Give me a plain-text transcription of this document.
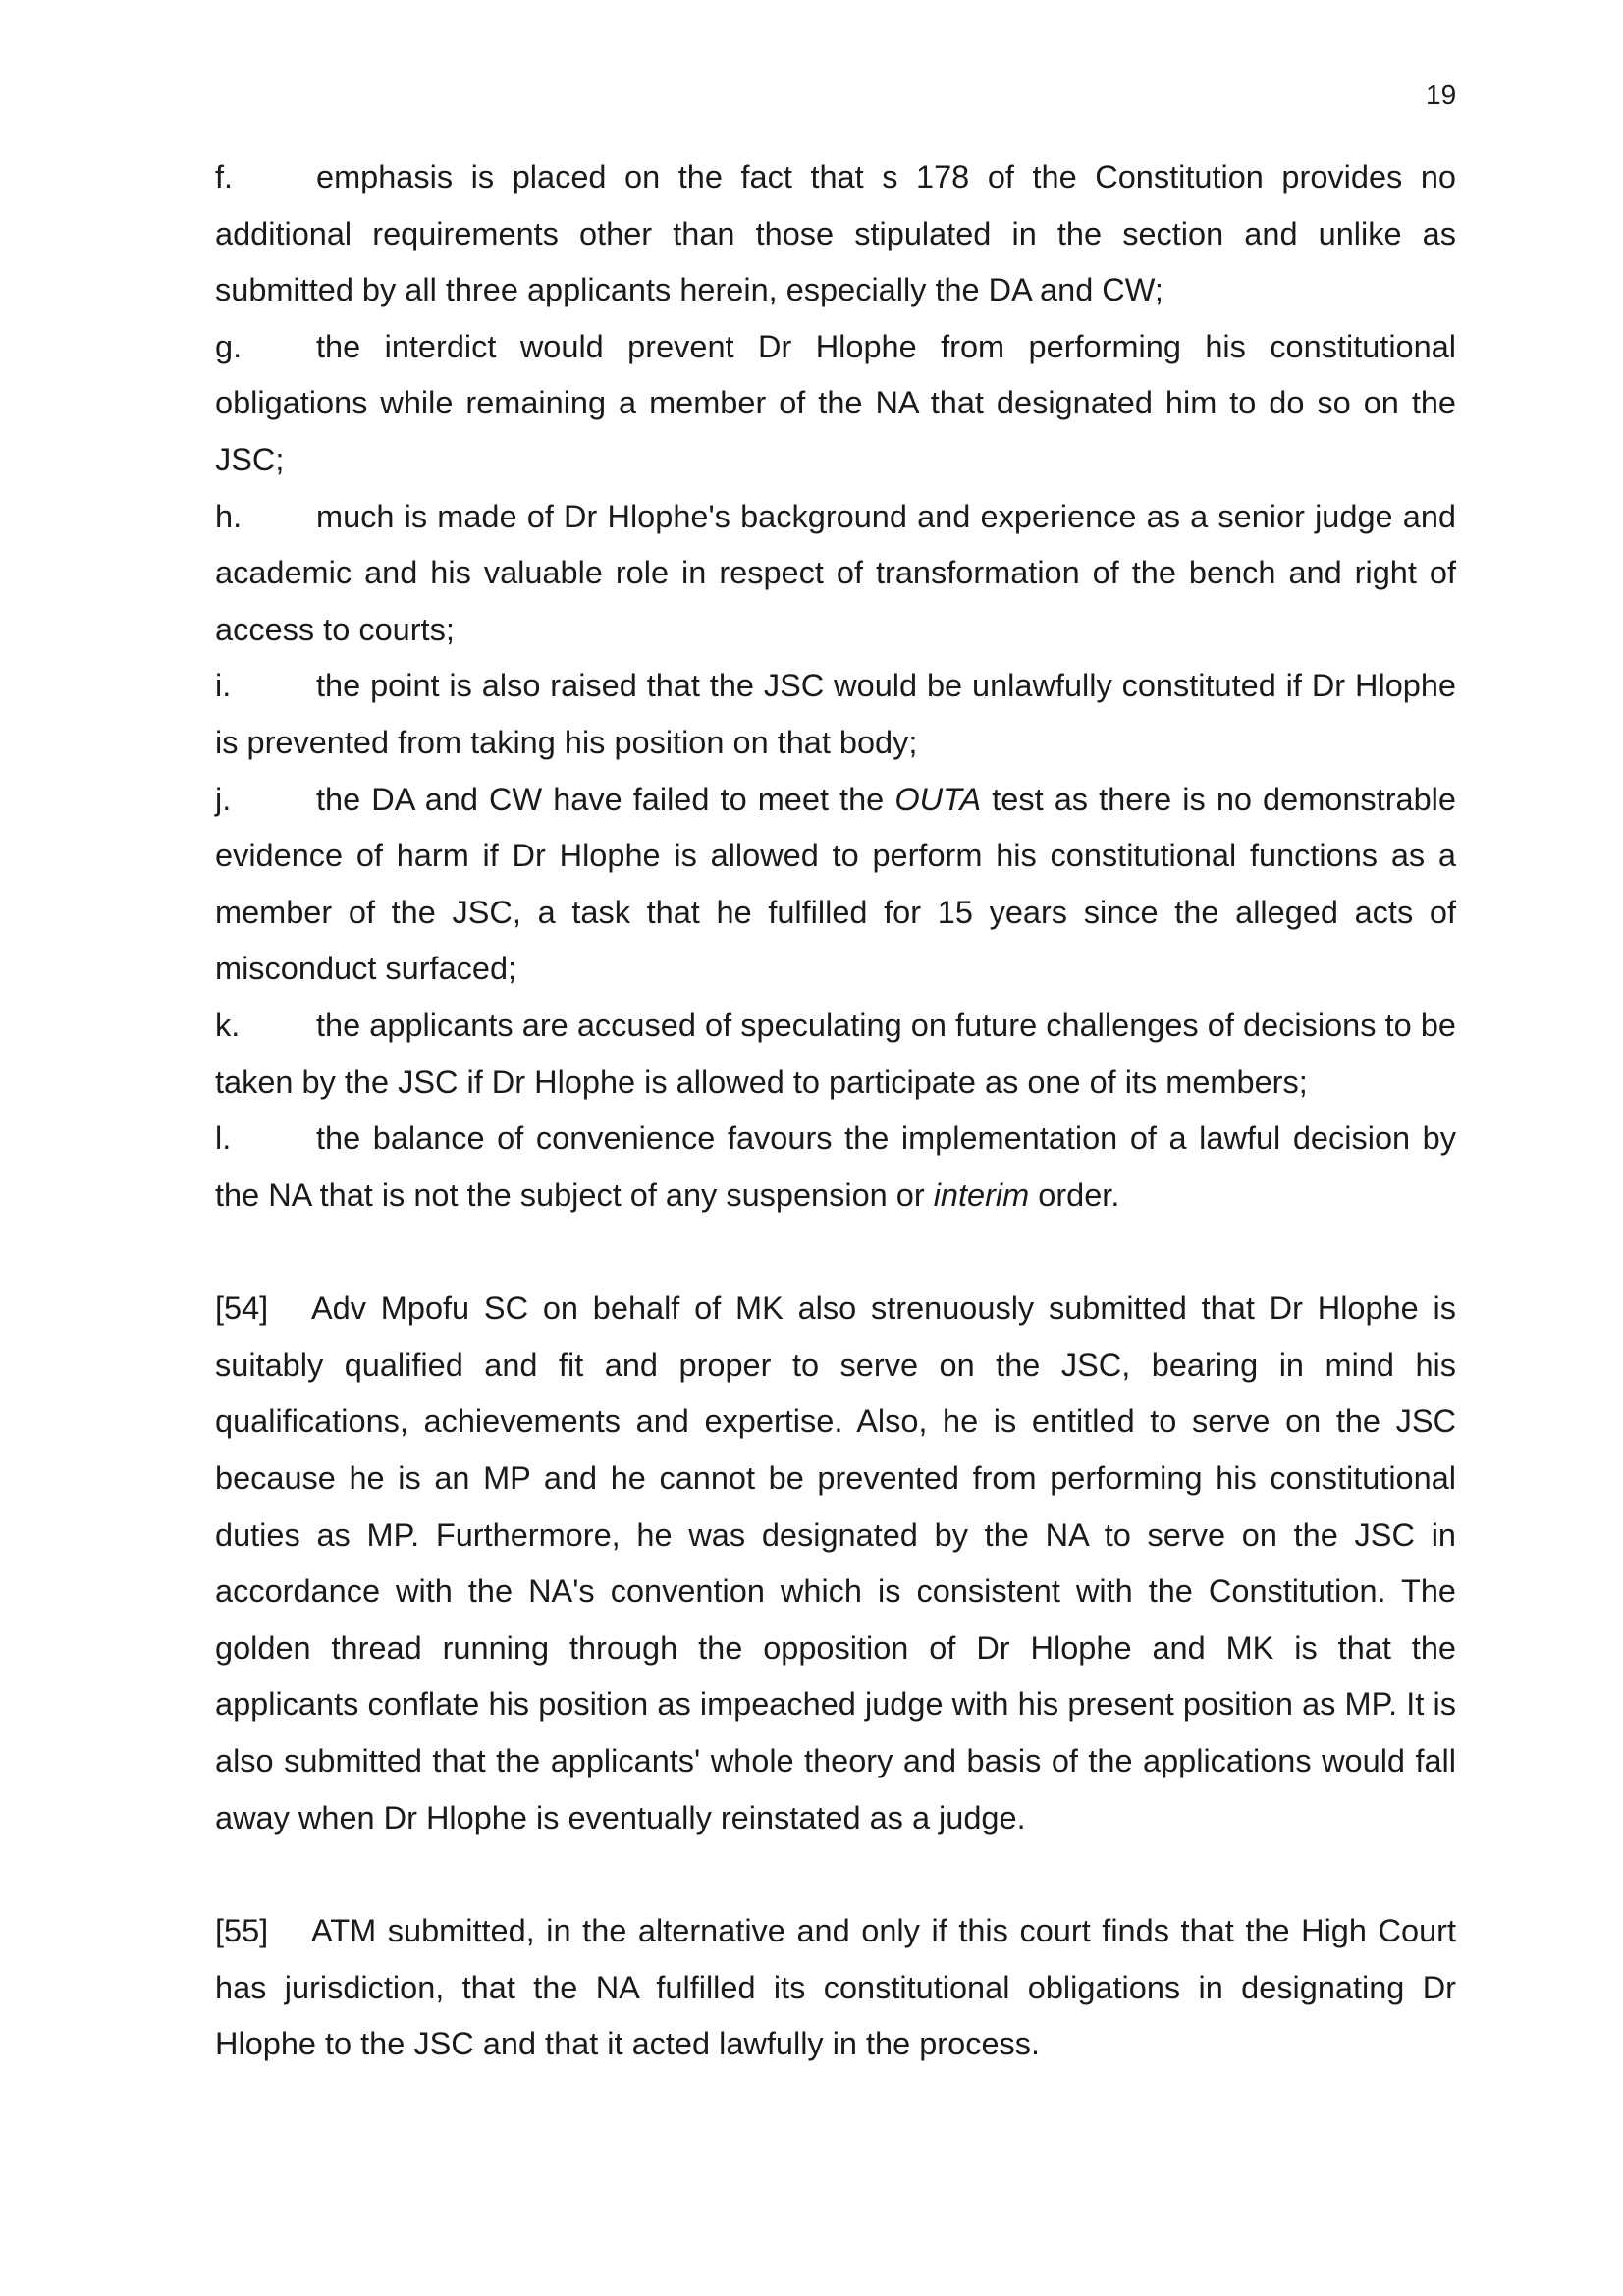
19

f.	emphasis is placed on the fact that s 178 of the Constitution provides no additional requirements other than those stipulated in the section and unlike as submitted by all three applicants herein, especially the DA and CW;

g. the interdict would prevent Dr Hlophe from performing his constitutional obligations while remaining a member of the NA that designated him to do so on the JSC;

h. much is made of Dr Hlophe's background and experience as a senior judge and academic and his valuable role in respect of transformation of the bench and right of access to courts;

i.	the point is also raised that the JSC would be unlawfully constituted if Dr Hlophe is prevented from taking his position on that body;

j.	the DA and CW have failed to meet the OUTA test as there is no demonstrable evidence of harm if Dr Hlophe is allowed to perform his constitutional functions as a member of the JSC, a task that he fulfilled for 15 years since the alleged acts of misconduct surfaced;

k. the applicants are accused of speculating on future challenges of decisions to be taken by the JSC if Dr Hlophe is allowed to participate as one of its members;

l.	the balance of convenience favours the implementation of a lawful decision by the NA that is not the subject of any suspension or interim order.

[54] Adv Mpofu SC on behalf of MK also strenuously submitted that Dr Hlophe is suitably qualified and fit and proper to serve on the JSC, bearing in mind his qualifications, achievements and expertise. Also, he is entitled to serve on the JSC because he is an MP and he cannot be prevented from performing his constitutional duties as MP. Furthermore, he was designated by the NA to serve on the JSC in accordance with the NA's convention which is consistent with the Constitution. The golden thread running through the opposition of Dr Hlophe and MK is that the applicants conflate his position as impeached judge with his present position as MP. It is also submitted that the applicants' whole theory and basis of the applications would fall away when Dr Hlophe is eventually reinstated as a judge.

[55] ATM submitted, in the alternative and only if this court finds that the High Court has jurisdiction, that the NA fulfilled its constitutional obligations in designating Dr Hlophe to the JSC and that it acted lawfully in the process.
